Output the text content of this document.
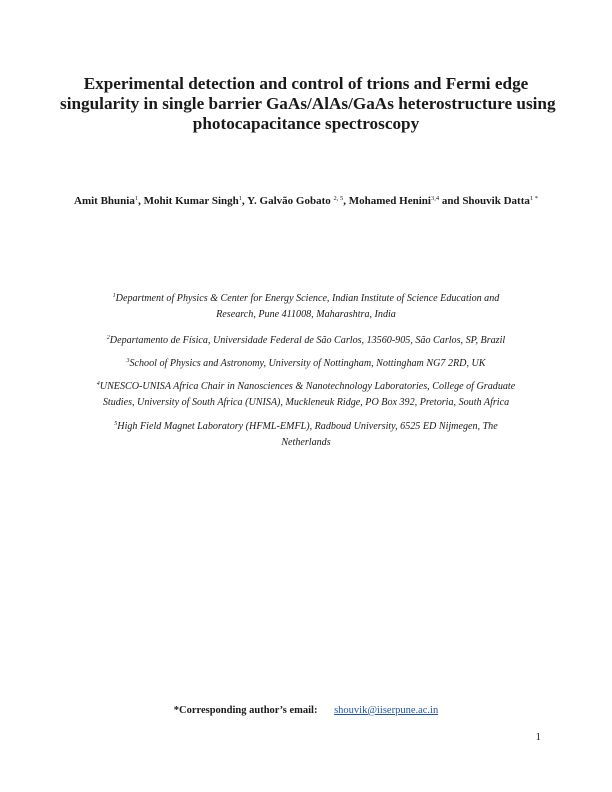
Experimental detection and control of trions and Fermi edge
singularity in single barrier GaAs/AlAs/GaAs heterostructure using
photocapacitance spectroscopy
Amit Bhunia$^1$, Mohit Kumar Singh$^1$, Y. Galvão Gobato $^{2, 5}$, Mohamed Henini$^{3,4}$ and Shouvik Datta$^{1 *}$
$^1$Department of Physics & Center for Energy Science, Indian Institute of Science Education and
Research, Pune 411008, Maharashtra, India
$^2$Departamento de Física, Universidade Federal de São Carlos, 13560-905, São Carlos, SP, Brazil
$^3$School of Physics and Astronomy, University of Nottingham, Nottingham NG7 2RD, UK
$^4$UNESCO-UNISA Africa Chair in Nanosciences & Nanotechnology Laboratories, College of Graduate
Studies, University of South Africa (UNISA), Muckleneuk Ridge, PO Box 392, Pretoria, South Africa
$^5$High Field Magnet Laboratory (HFML-EMFL), Radboud University, 6525 ED Nijmegen, The
Netherlands
*Corresponding author’s email: shouvik@iiserpune.ac.in
1
